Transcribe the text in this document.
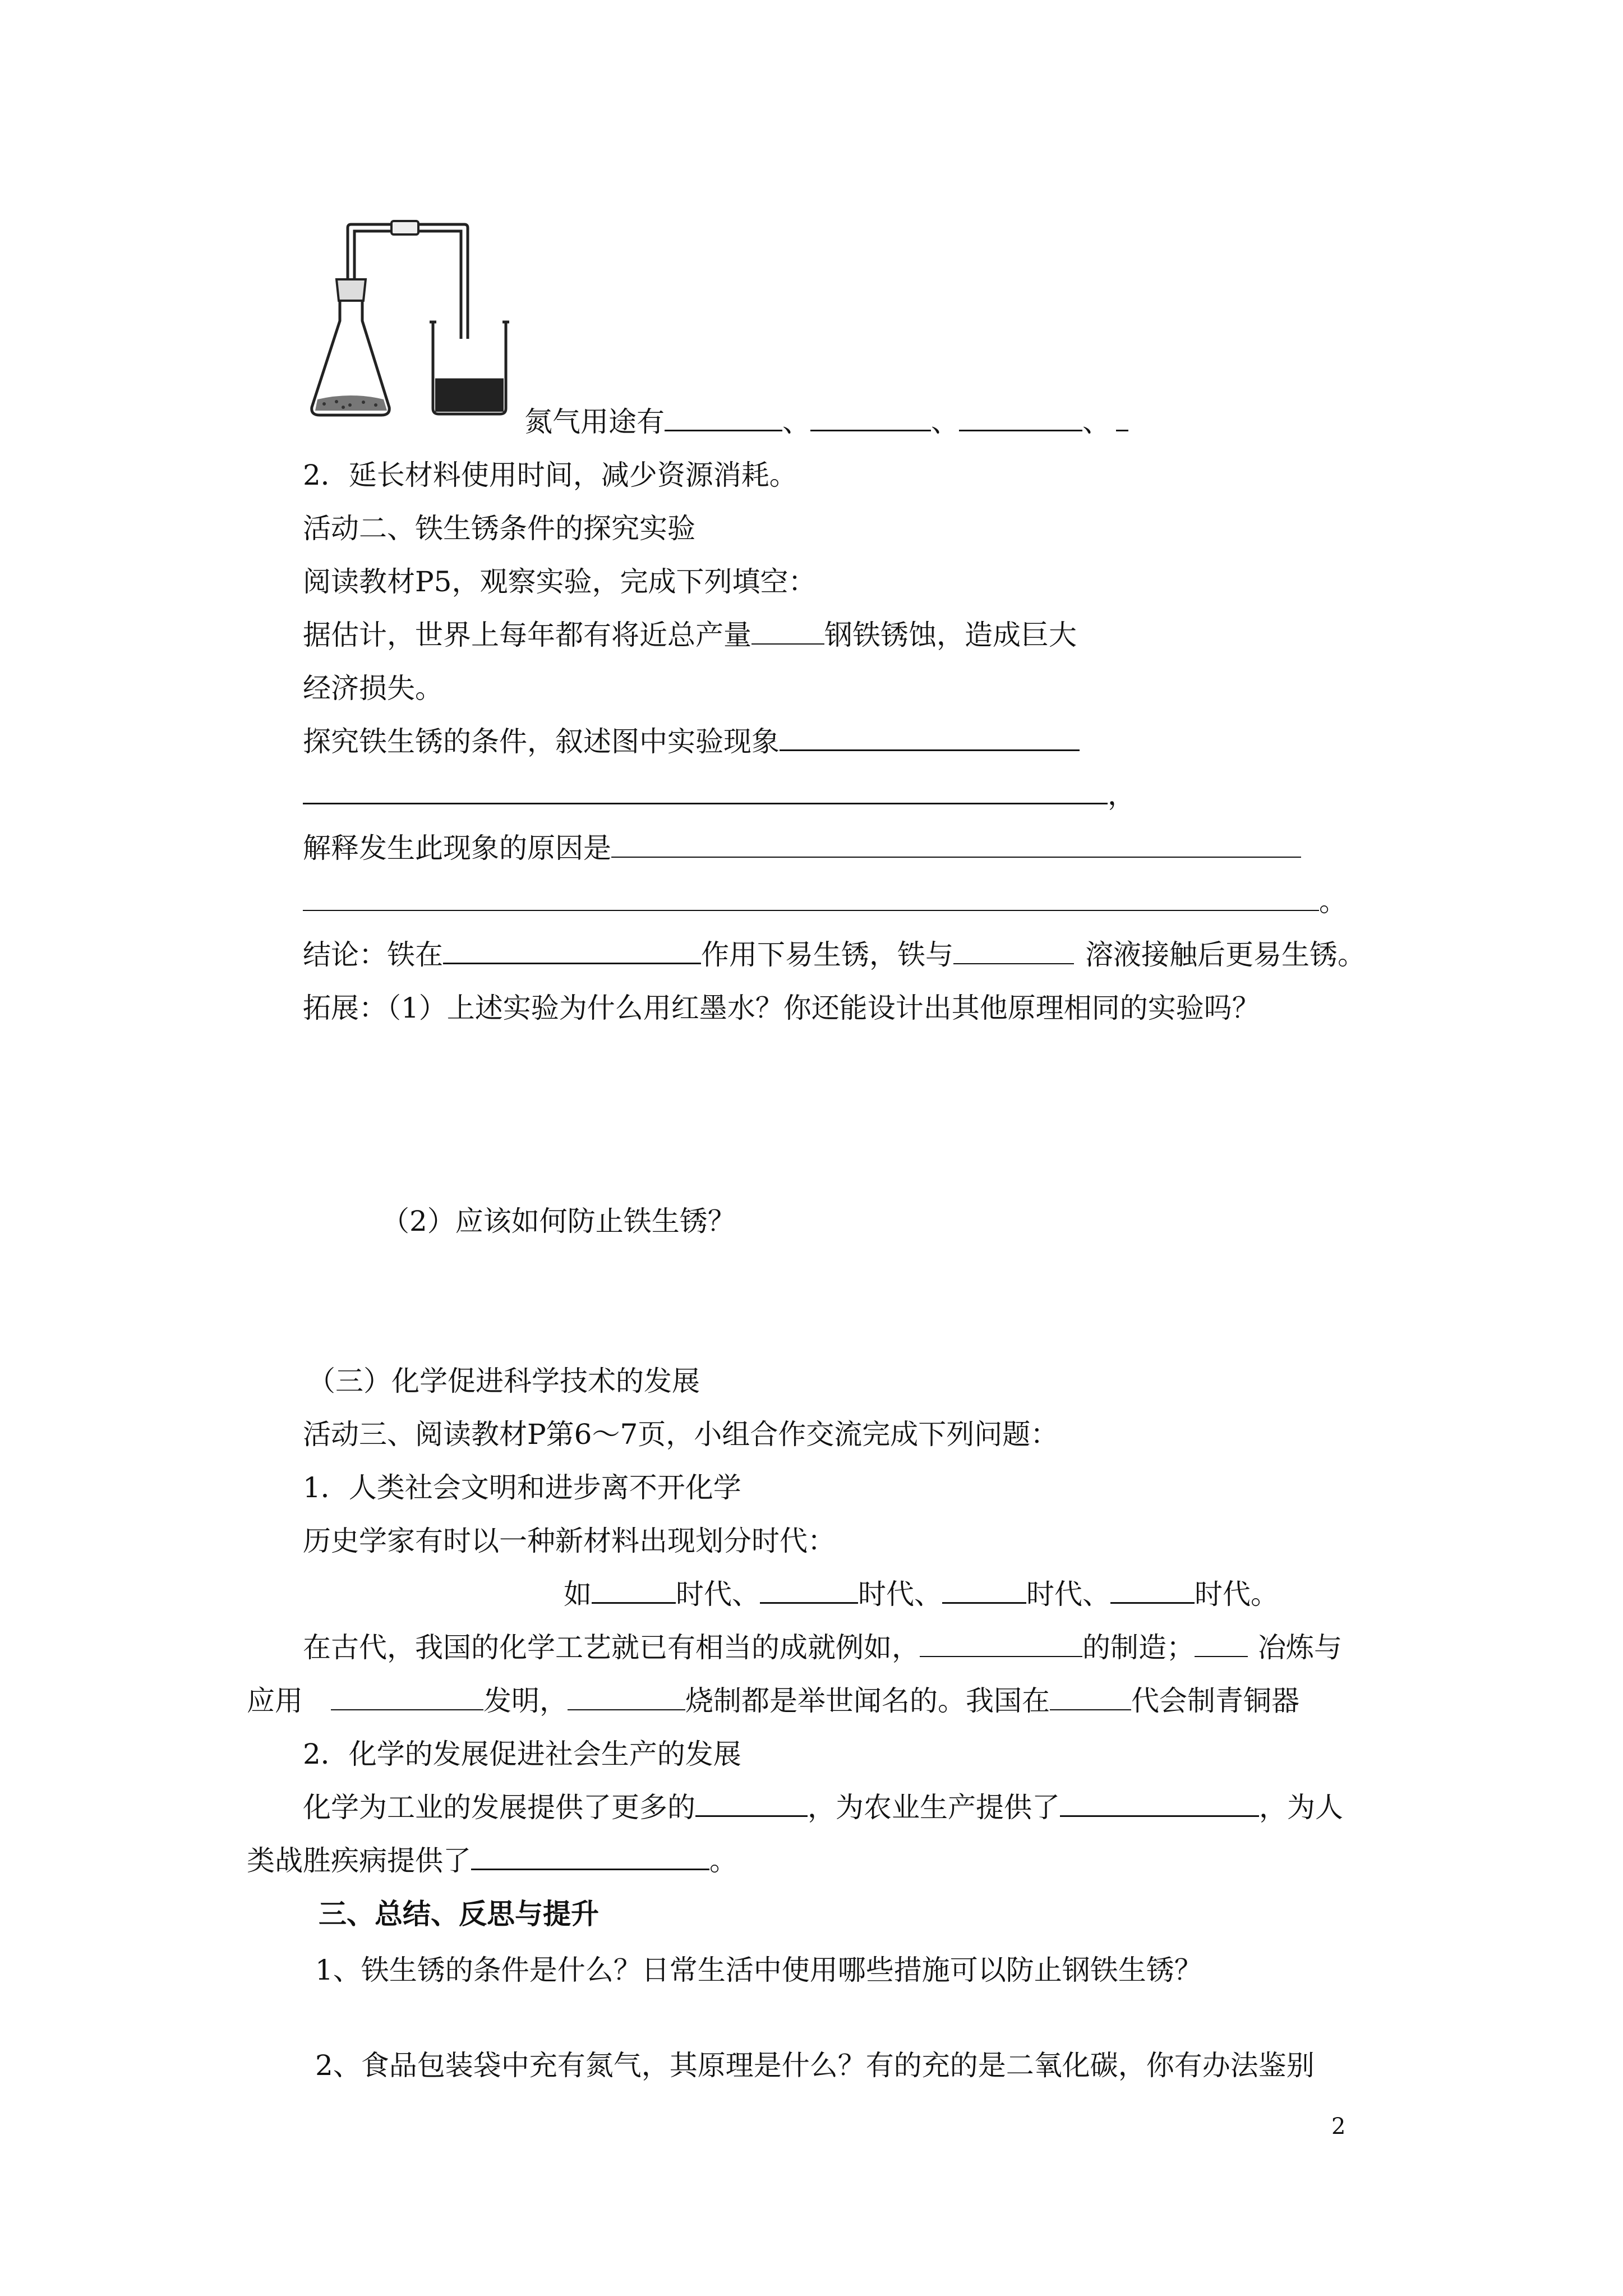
氮气用途有	、	、	、

2．延长材料使用时间，减少资源消耗。

活动二、铁生锈条件的探究实验

阅读教材P5，观察实验，完成下列填空：

据估计，世界上每年都有将近总产量	钢铁锈蚀，造成巨大

经济损失。

探究铁生锈的条件，叙述图中实验现象

，

解释发生此现象的原因是

。

结论：铁在	作用下易生锈，铁与	溶液接触后更易生锈。

拓展：（1）上述实验为什么用红墨水？你还能设计出其他原理相同的实验吗？

（2）应该如何防止铁生锈？

（三）化学促进科学技术的发展

活动三、阅读教材P第6～7页，小组合作交流完成下列问题：

1．人类社会文明和进步离不开化学

历史学家有时以一种新材料出现划分时代：

如	时代、	时代、	时代、	时代。

在古代，我国的化学工艺就已有相当的成就例如，	的制造； 冶炼与

应用	发明，	烧制都是举世闻名的。我国在	代会制青铜器

2．化学的发展促进社会生产的发展

化学为工业的发展提供了更多的	，为农业生产提供了	，为人

类战胜疾病提供了	。

三、总结、反思与提升

1、铁生锈的条件是什么？日常生活中使用哪些措施可以防止钢铁生锈？

2、食品包装袋中充有氮气，其原理是什么？有的充的是二氧化碳，你有办法鉴别

2
